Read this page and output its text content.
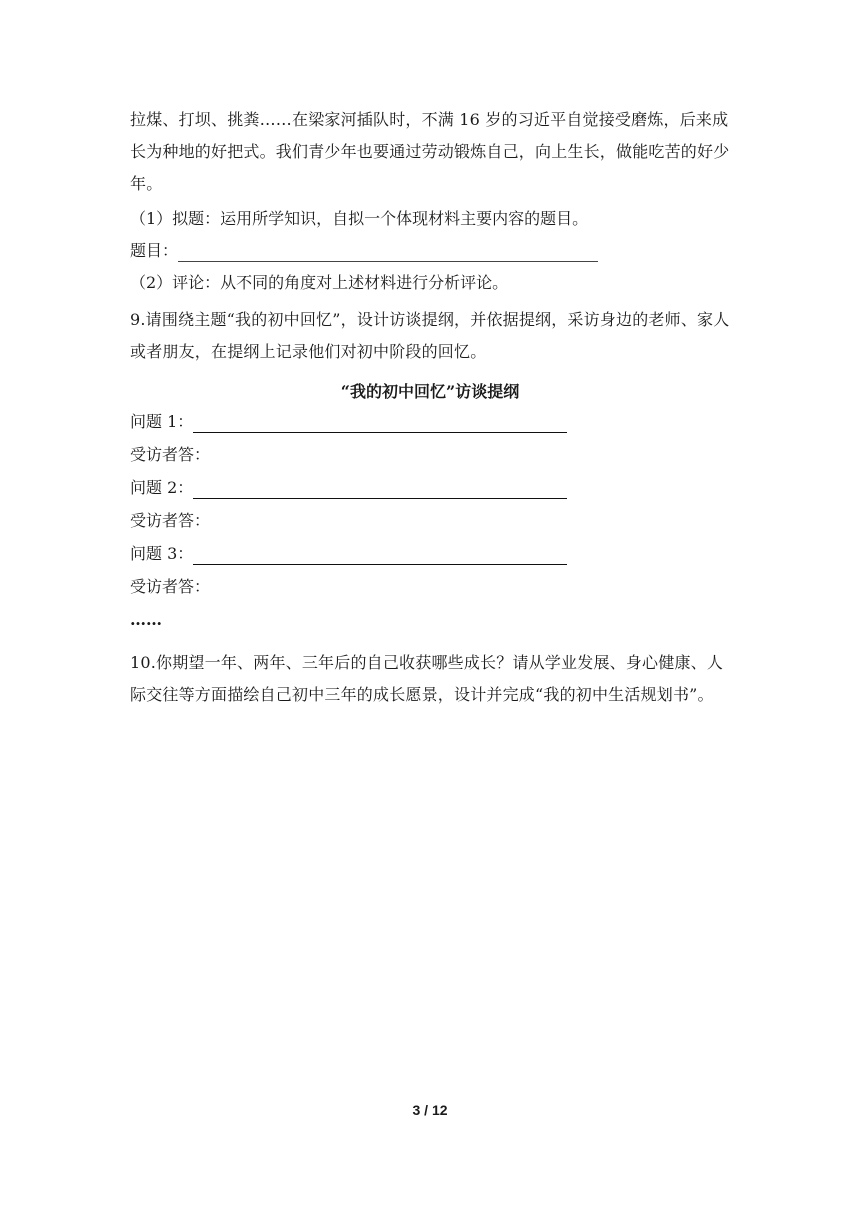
拉煤、打坝、挑粪……在梁家河插队时，不满 16 岁的习近平自觉接受磨炼，后来成长为种地的好把式。我们青少年也要通过劳动锻炼自己，向上生长，做能吃苦的好少年。

（1）拟题：运用所学知识，自拟一个体现材料主要内容的题目。

题目：

（2）评论：从不同的角度对上述材料进行分析评论。

9.请围绕主题“我的初中回忆”，设计访谈提纲，并依据提纲，采访身边的老师、家人或者朋友，在提纲上记录他们对初中阶段的回忆。

“我的初中回忆”访谈提纲

问题 1：

受访者答：

问题 2：

受访者答：

问题 3：

受访者答：

……

10.你期望一年、两年、三年后的自己收获哪些成长？请从学业发展、身心健康、人际交往等方面描绘自己初中三年的成长愿景，设计并完成“我的初中生活规划书”。

3 / 12
